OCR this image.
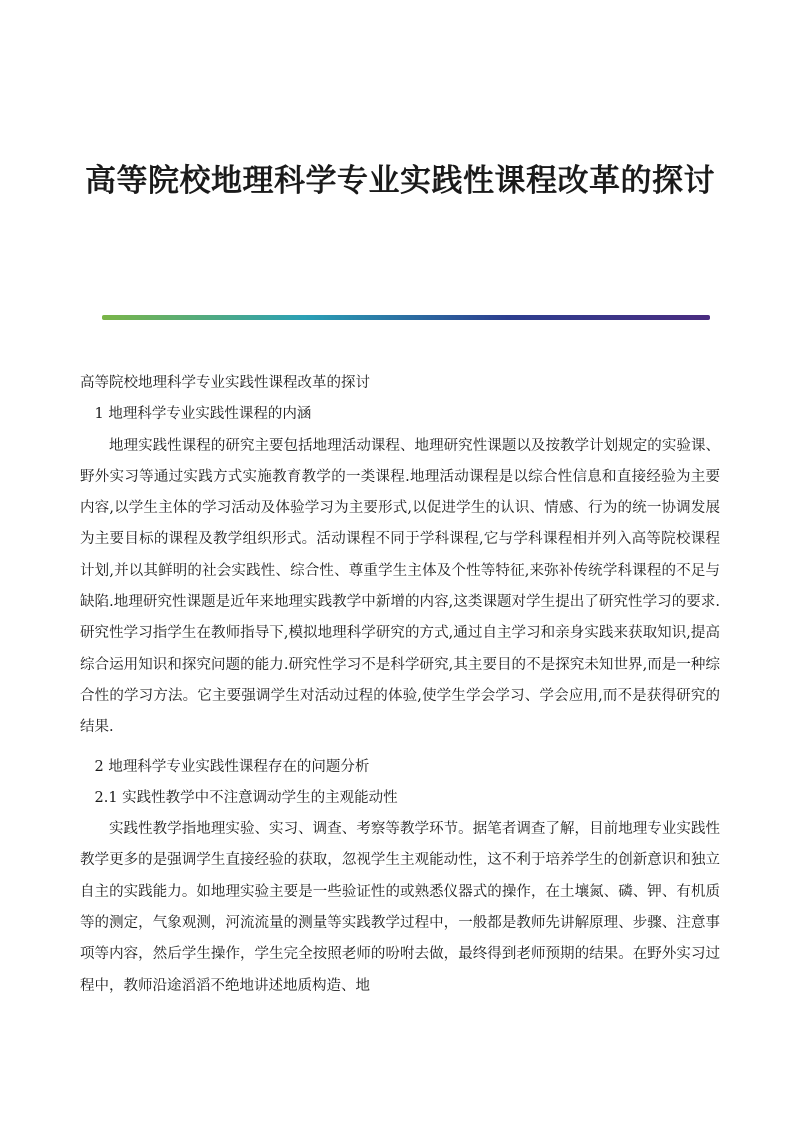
高等院校地理科学专业实践性课程改革的探讨

高等院校地理科学专业实践性课程改革的探讨

1 地理科学专业实践性课程的内涵

地理实践性课程的研究主要包括地理活动课程、地理研究性课题以及按教学计划规定的实验课、野外实习等通过实践方式实施教育教学的一类课程.地理活动课程是以综合性信息和直接经验为主要内容,以学生主体的学习活动及体验学习为主要形式,以促进学生的认识、情感、行为的统一协调发展为主要目标的课程及教学组织形式。活动课程不同于学科课程,它与学科课程相并列入高等院校课程计划,并以其鲜明的社会实践性、综合性、尊重学生主体及个性等特征,来弥补传统学科课程的不足与缺陷.地理研究性课题是近年来地理实践教学中新增的内容,这类课题对学生提出了研究性学习的要求.研究性学习指学生在教师指导下,模拟地理科学研究的方式,通过自主学习和亲身实践来获取知识,提高综合运用知识和探究问题的能力.研究性学习不是科学研究,其主要目的不是探究未知世界,而是一种综合性的学习方法。它主要强调学生对活动过程的体验,使学生学会学习、学会应用,而不是获得研究的结果.

2 地理科学专业实践性课程存在的问题分析

2.1 实践性教学中不注意调动学生的主观能动性

实践性教学指地理实验、实习、调查、考察等教学环节。据笔者调查了解，目前地理专业实践性教学更多的是强调学生直接经验的获取，忽视学生主观能动性，这不利于培养学生的创新意识和独立自主的实践能力。如地理实验主要是一些验证性的或熟悉仪器式的操作，在土壤氮、磷、钾、有机质等的测定，气象观测，河流流量的测量等实践教学过程中，一般都是教师先讲解原理、步骤、注意事项等内容，然后学生操作，学生完全按照老师的吩咐去做，最终得到老师预期的结果。在野外实习过程中，教师沿途滔滔不绝地讲述地质构造、地
